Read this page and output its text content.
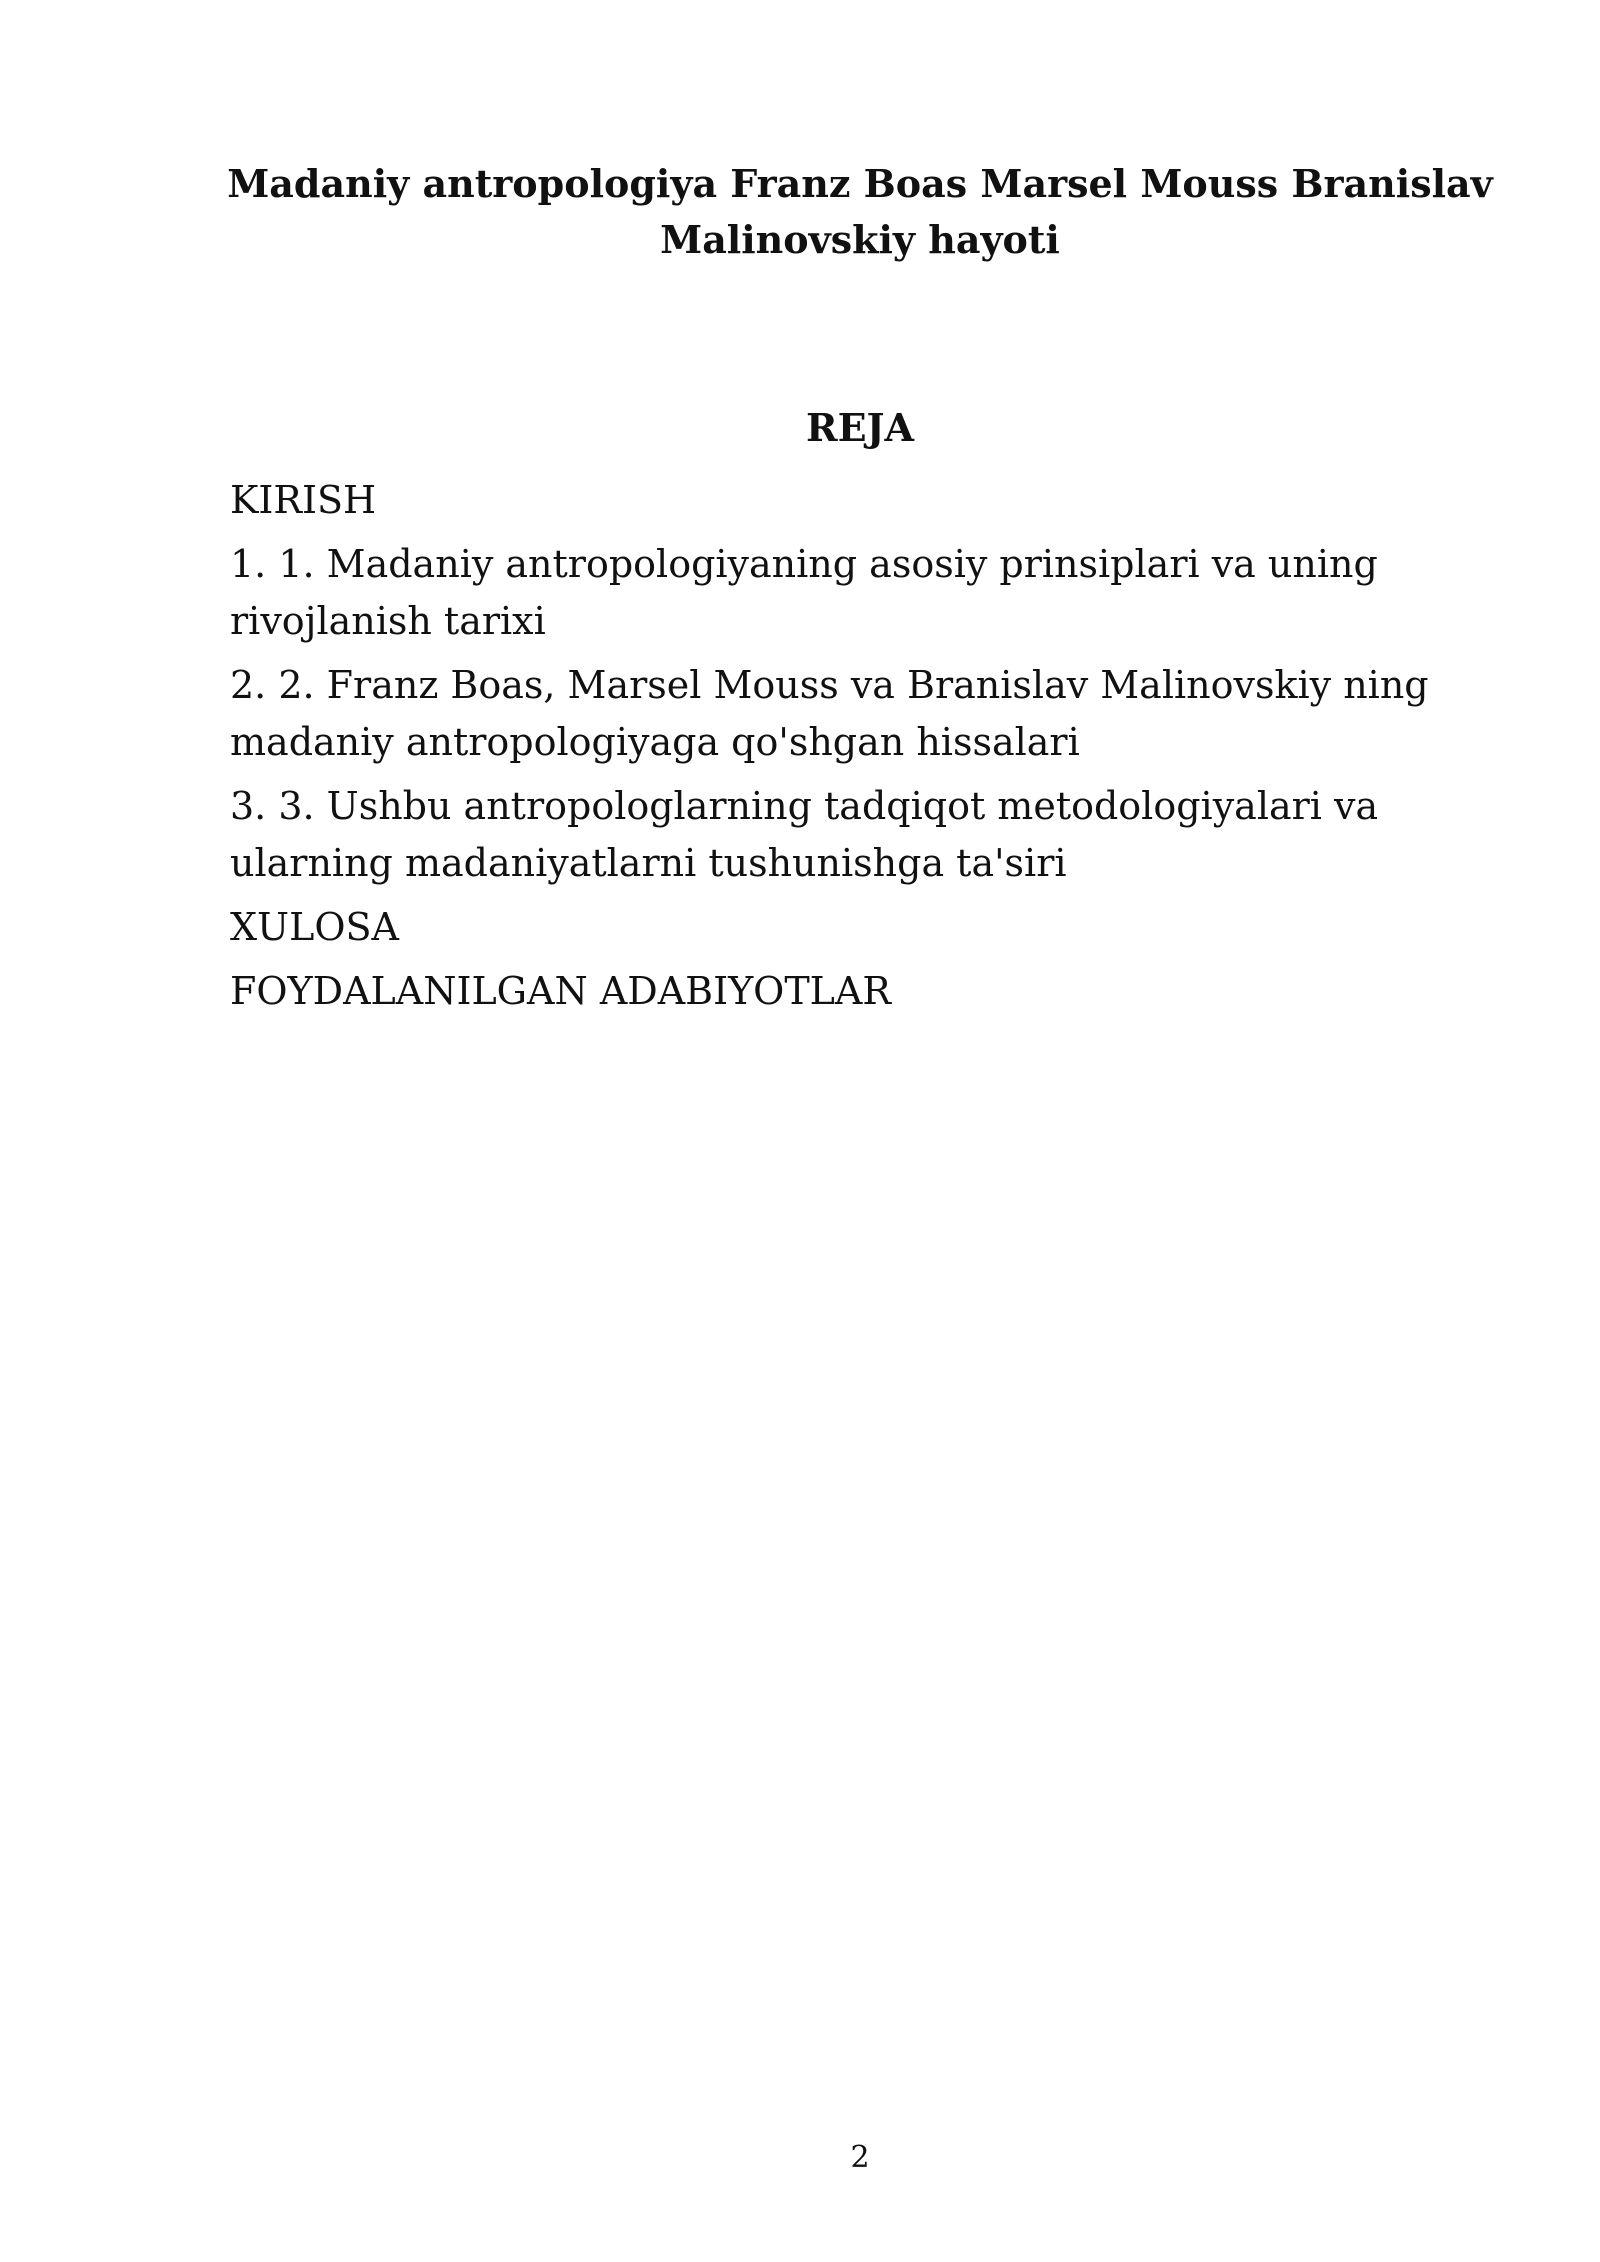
Madaniy antropologiya Franz Boas Marsel Mouss Branislav Malinovskiy hayoti
REJA
KIRISH
1. 1. Madaniy antropologiyaning asosiy prinsiplari va uning rivojlanish tarixi
2. 2. Franz Boas, Marsel Mouss va Branislav Malinovskiy ning madaniy antropologiyaga qo'shgan hissalari
3. 3. Ushbu antropologlarning tadqiqot metodologiyalari va ularning madaniyatlarni tushunishga ta'siri
XULOSA
FOYDALANILGAN ADABIYOTLAR
2
